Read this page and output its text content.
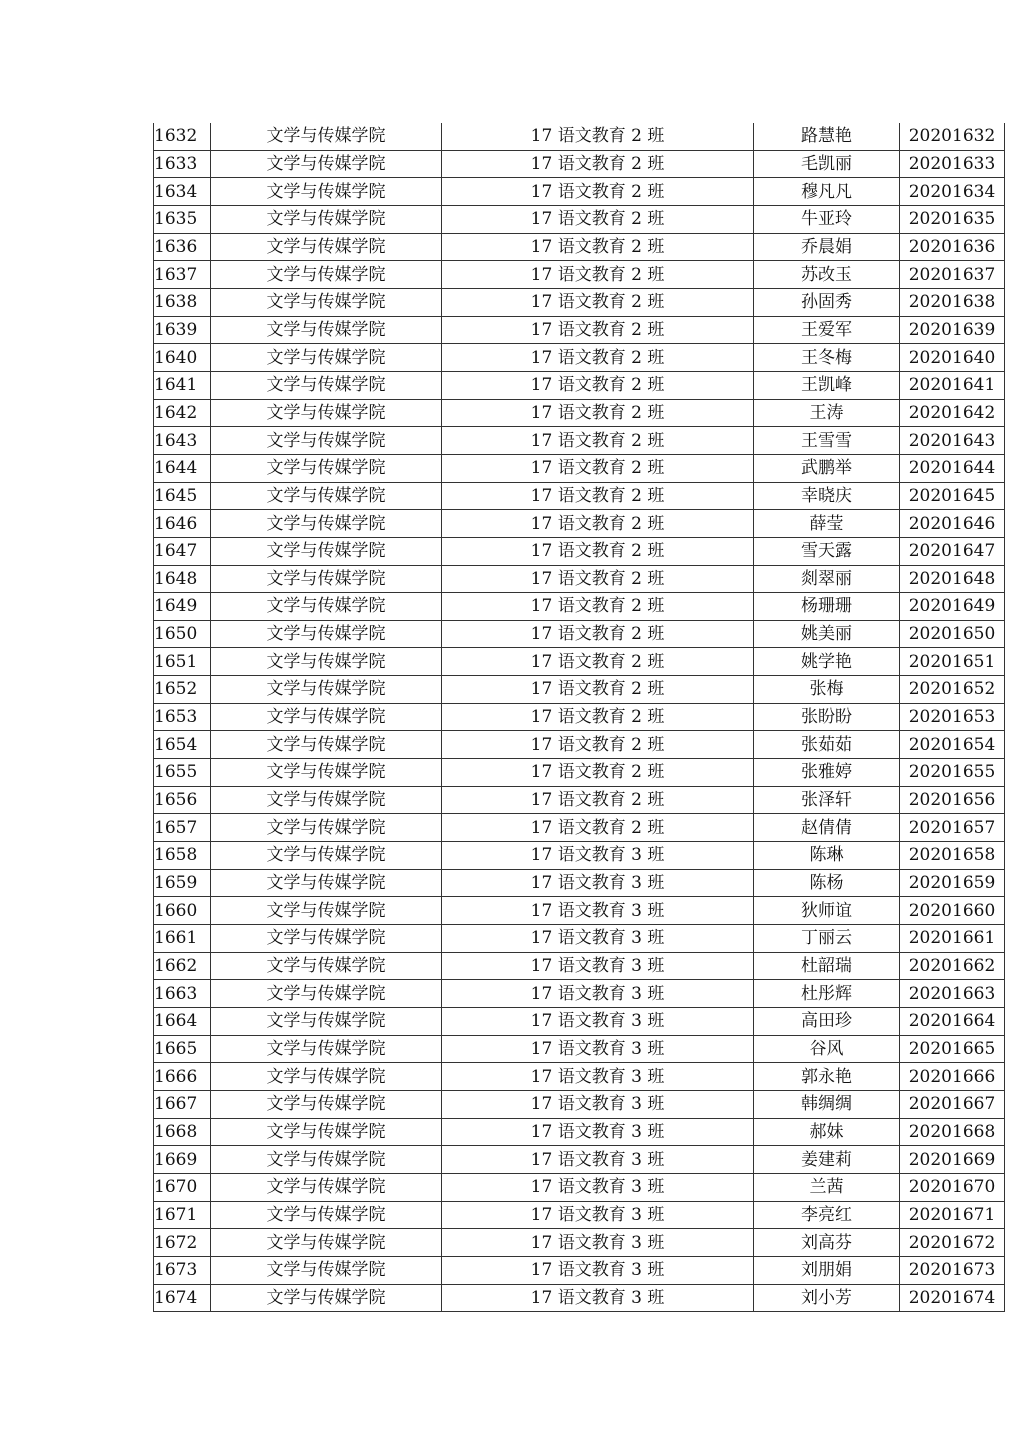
1632	文学与传媒学院	17 语文教育 2 班	路慧艳	20201632
1633	文学与传媒学院	17 语文教育 2 班	毛凯丽	20201633
1634	文学与传媒学院	17 语文教育 2 班	穆凡凡	20201634
1635	文学与传媒学院	17 语文教育 2 班	牛亚玲	20201635
1636	文学与传媒学院	17 语文教育 2 班	乔晨娟	20201636
1637	文学与传媒学院	17 语文教育 2 班	苏改玉	20201637
1638	文学与传媒学院	17 语文教育 2 班	孙固秀	20201638
1639	文学与传媒学院	17 语文教育 2 班	王爱军	20201639
1640	文学与传媒学院	17 语文教育 2 班	王冬梅	20201640
1641	文学与传媒学院	17 语文教育 2 班	王凯峰	20201641
1642	文学与传媒学院	17 语文教育 2 班	王涛	20201642
1643	文学与传媒学院	17 语文教育 2 班	王雪雪	20201643
1644	文学与传媒学院	17 语文教育 2 班	武鹏举	20201644
1645	文学与传媒学院	17 语文教育 2 班	幸晓庆	20201645
1646	文学与传媒学院	17 语文教育 2 班	薛莹	20201646
1647	文学与传媒学院	17 语文教育 2 班	雪天露	20201647
1648	文学与传媒学院	17 语文教育 2 班	剡翠丽	20201648
1649	文学与传媒学院	17 语文教育 2 班	杨珊珊	20201649
1650	文学与传媒学院	17 语文教育 2 班	姚美丽	20201650
1651	文学与传媒学院	17 语文教育 2 班	姚学艳	20201651
1652	文学与传媒学院	17 语文教育 2 班	张梅	20201652
1653	文学与传媒学院	17 语文教育 2 班	张盼盼	20201653
1654	文学与传媒学院	17 语文教育 2 班	张茹茹	20201654
1655	文学与传媒学院	17 语文教育 2 班	张雅婷	20201655
1656	文学与传媒学院	17 语文教育 2 班	张泽轩	20201656
1657	文学与传媒学院	17 语文教育 2 班	赵倩倩	20201657
1658	文学与传媒学院	17 语文教育 3 班	陈琳	20201658
1659	文学与传媒学院	17 语文教育 3 班	陈杨	20201659
1660	文学与传媒学院	17 语文教育 3 班	狄师谊	20201660
1661	文学与传媒学院	17 语文教育 3 班	丁丽云	20201661
1662	文学与传媒学院	17 语文教育 3 班	杜韶瑞	20201662
1663	文学与传媒学院	17 语文教育 3 班	杜彤辉	20201663
1664	文学与传媒学院	17 语文教育 3 班	高田珍	20201664
1665	文学与传媒学院	17 语文教育 3 班	谷风	20201665
1666	文学与传媒学院	17 语文教育 3 班	郭永艳	20201666
1667	文学与传媒学院	17 语文教育 3 班	韩绸绸	20201667
1668	文学与传媒学院	17 语文教育 3 班	郝妹	20201668
1669	文学与传媒学院	17 语文教育 3 班	姜建莉	20201669
1670	文学与传媒学院	17 语文教育 3 班	兰茜	20201670
1671	文学与传媒学院	17 语文教育 3 班	李亮红	20201671
1672	文学与传媒学院	17 语文教育 3 班	刘高芬	20201672
1673	文学与传媒学院	17 语文教育 3 班	刘朋娟	20201673
1674	文学与传媒学院	17 语文教育 3 班	刘小芳	20201674
